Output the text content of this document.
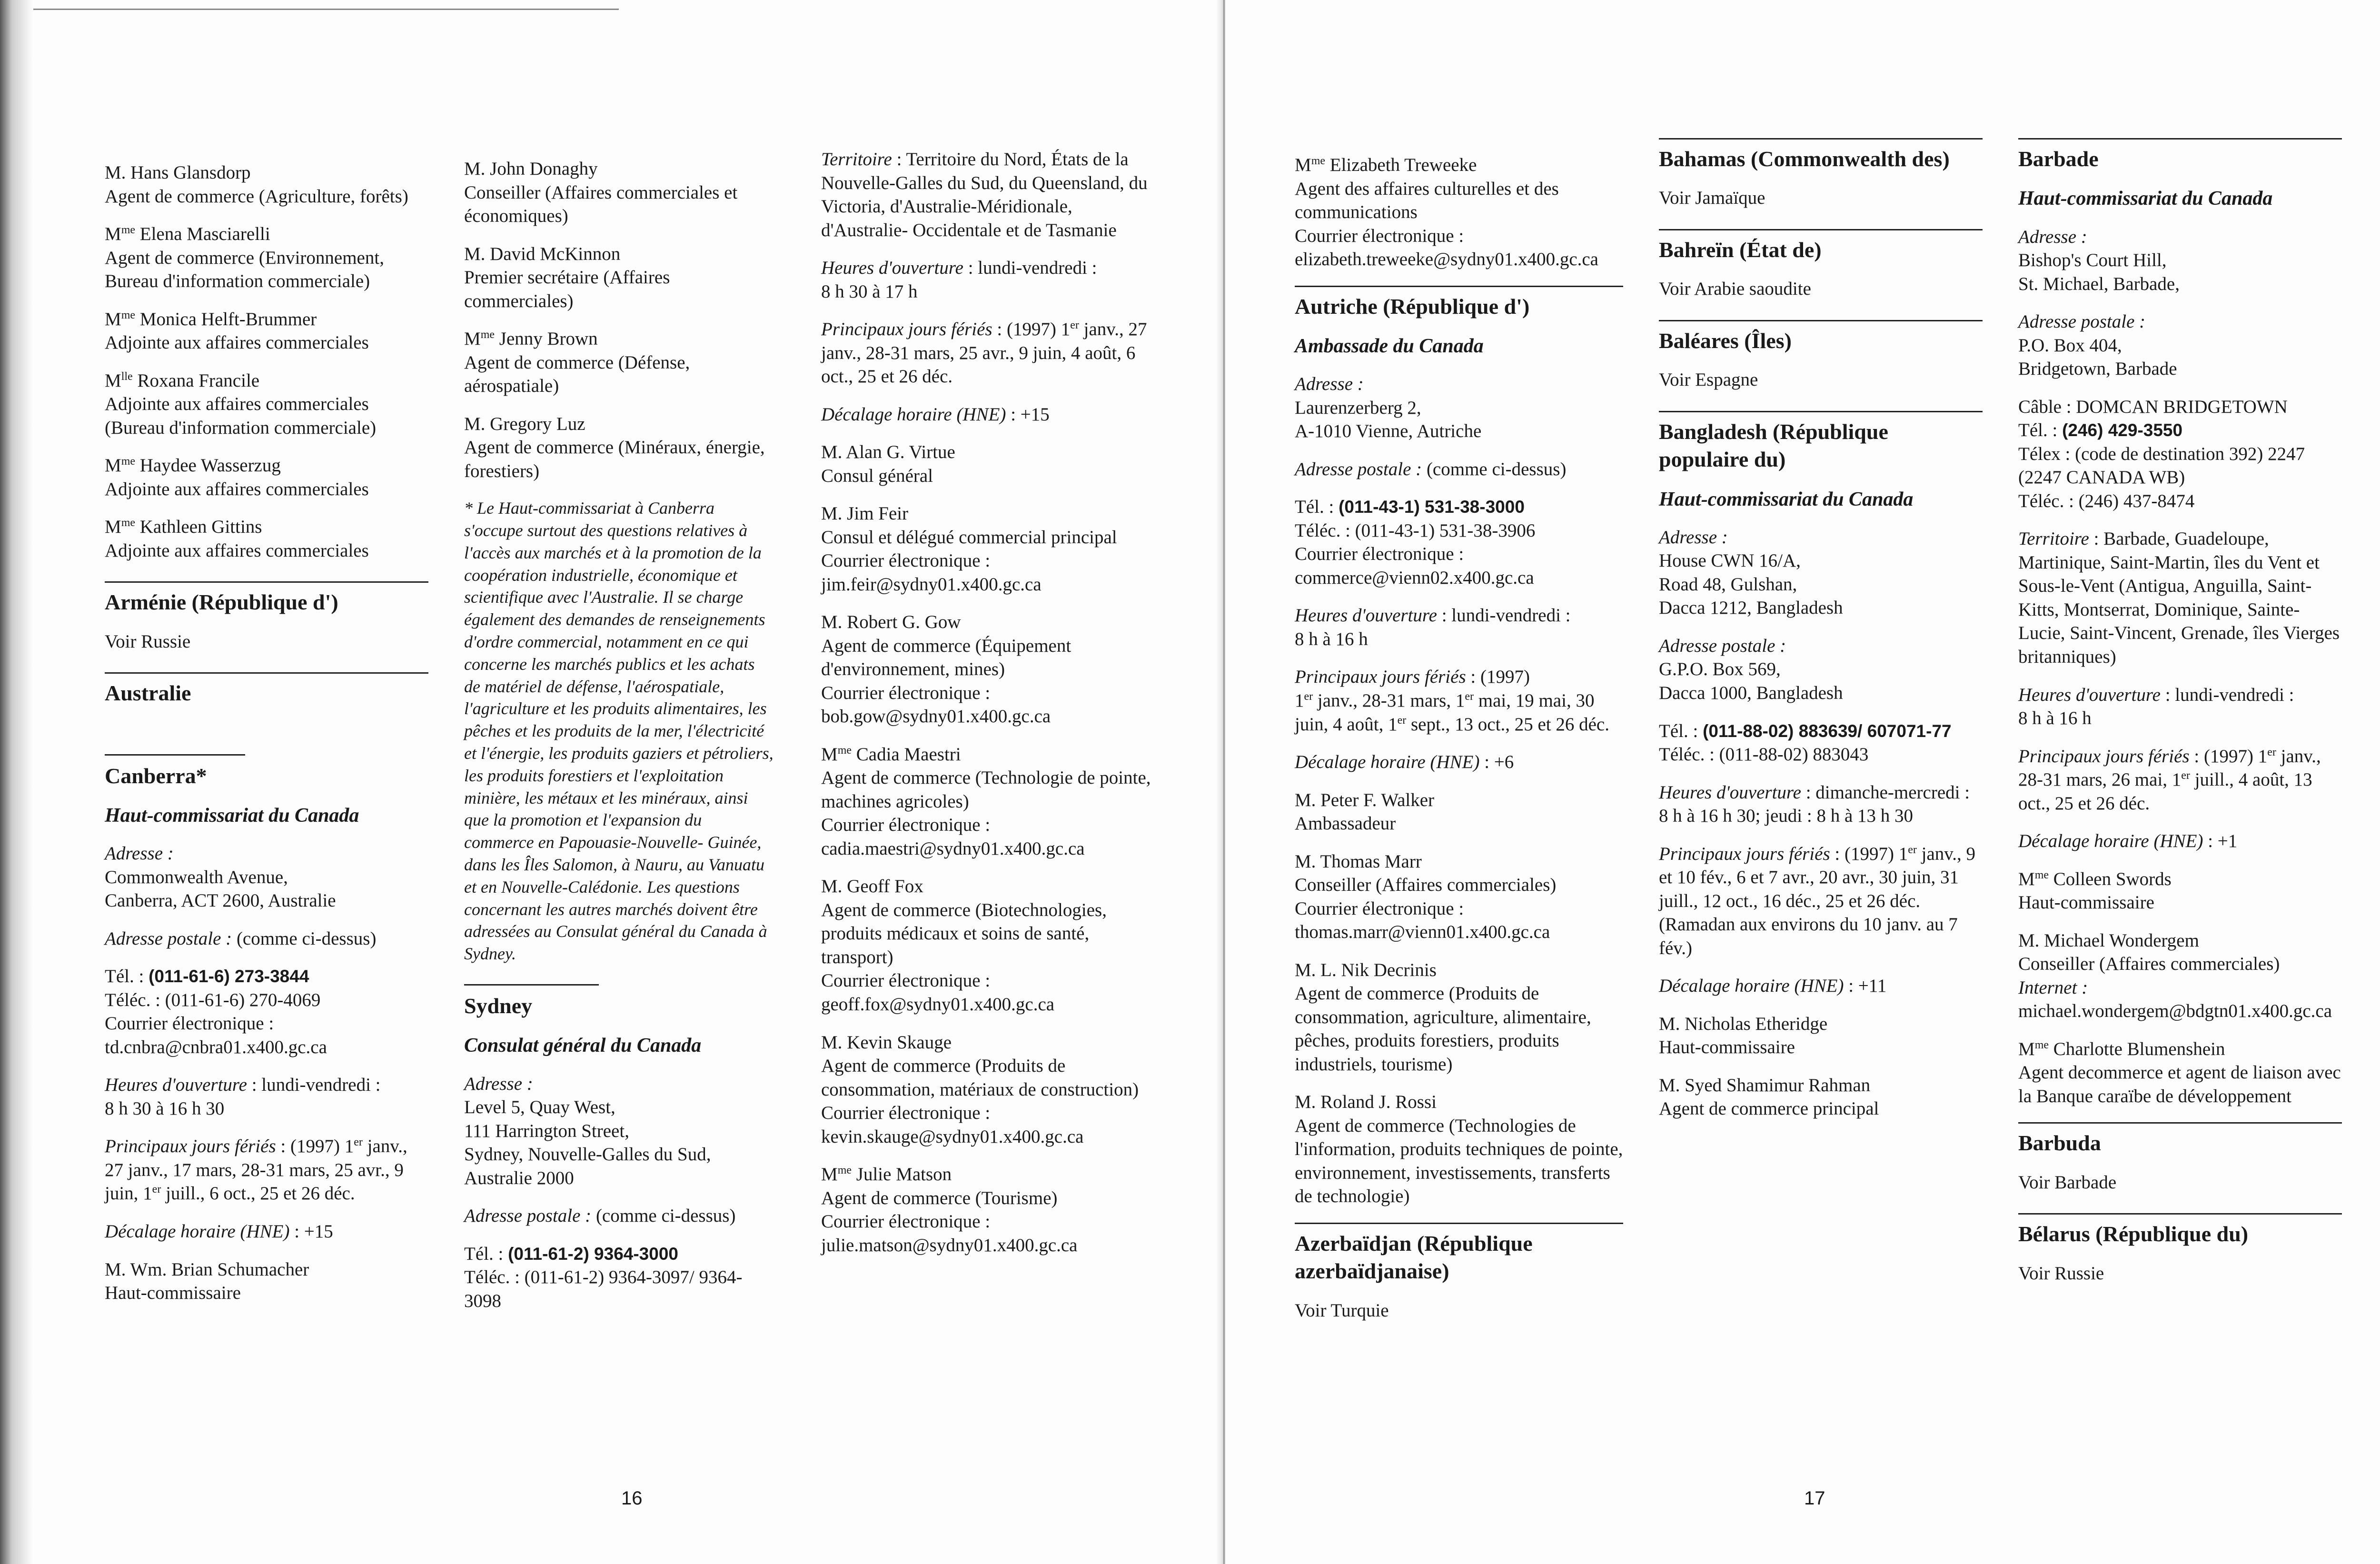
M. Hans Glansdorp
Agent de commerce (Agriculture, forêts)
$M^{me}$ Elena Masciarelli
Agent de commerce (Environnement, Bureau d'information commerciale)
$M^{me}$ Monica Helft-Brummer
Adjointe aux affaires commerciales
$M^{lle}$ Roxana Francile
Adjointe aux affaires commerciales (Bureau d'information commerciale)
$M^{me}$ Haydee Wasserzug
Adjointe aux affaires commerciales
$M^{me}$ Kathleen Gittins
Adjointe aux affaires commerciales
Arménie (République d')
Voir Russie
Australie
Canberra*
Haut-commissariat du Canada
Adresse :
Commonwealth Avenue,
Canberra, ACT 2600, Australie
Adresse postale : (comme ci-dessus)
Tél. : (011-61-6) 273-3844
Téléc. : (011-61-6) 270-4069
Courrier électronique :
td.cnbra@cnbra01.x400.gc.ca
Heures d'ouverture : lundi-vendredi :
8 h 30 à 16 h 30
Principaux jours fériés : (1997) 1er janv., 27 janv., 17 mars, 28-31 mars, 25 avr., 9 juin, 1er juill., 6 oct., 25 et 26 déc.
Décalage horaire (HNE) : +15
M. Wm. Brian Schumacher
Haut-commissaire
M. John Donaghy
Conseiller (Affaires commerciales et économiques)
M. David McKinnon
Premier secrétaire (Affaires commerciales)
$M^{me}$ Jenny Brown
Agent de commerce (Défense, aérospatiale)
M. Gregory Luz
Agent de commerce (Minéraux, énergie, forestiers)
* Le Haut-commissariat à Canberra s'occupe surtout des questions relatives à l'accès aux marchés et à la promotion de la coopération industrielle, économique et scientifique avec l'Australie. Il se charge également des demandes de renseignements d'ordre commercial, notamment en ce qui concerne les marchés publics et les achats de matériel de défense, l'aérospatiale, l'agriculture et les produits alimentaires, les pêches et les produits de la mer, l'électricité et l'énergie, les produits gaziers et pétroliers, les produits forestiers et l'exploitation minière, les métaux et les minéraux, ainsi que la promotion et l'expansion du commerce en Papouasie-Nouvelle- Guinée, dans les Îles Salomon, à Nauru, au Vanuatu et en Nouvelle-Calédonie. Les questions concernant les autres marchés doivent être adressées au Consulat général du Canada à Sydney.
Sydney
Consulat général du Canada
Adresse :
Level 5, Quay West,
111 Harrington Street,
Sydney, Nouvelle-Galles du Sud,
Australie 2000
Adresse postale : (comme ci-dessus)
Tél. : (011-61-2) 9364-3000
Téléc. : (011-61-2) 9364-3097/ 9364-3098
Territoire : Territoire du Nord, États de la Nouvelle-Galles du Sud, du Queensland, du Victoria, d'Australie-Méridionale, d'Australie- Occidentale et de Tasmanie
Heures d'ouverture : lundi-vendredi :
8 h 30 à 17 h
Principaux jours fériés : (1997) 1er janv., 27 janv., 28-31 mars, 25 avr., 9 juin, 4 août, 6 oct., 25 et 26 déc.
Décalage horaire (HNE) : +15
M. Alan G. Virtue
Consul général
M. Jim Feir
Consul et délégué commercial principal
Courrier électronique :
jim.feir@sydny01.x400.gc.ca
M. Robert G. Gow
Agent de commerce (Équipement d'environnement, mines)
Courrier électronique :
bob.gow@sydny01.x400.gc.ca
$M^{me}$ Cadia Maestri
Agent de commerce (Technologie de pointe, machines agricoles)
Courrier électronique :
cadia.maestri@sydny01.x400.gc.ca
M. Geoff Fox
Agent de commerce (Biotechnologies, produits médicaux et soins de santé, transport)
Courrier électronique :
geoff.fox@sydny01.x400.gc.ca
M. Kevin Skauge
Agent de commerce (Produits de consommation, matériaux de construction)
Courrier électronique :
kevin.skauge@sydny01.x400.gc.ca
$M^{me}$ Julie Matson
Agent de commerce (Tourisme)
Courrier électronique :
julie.matson@sydny01.x400.gc.ca
16
$M^{me}$ Elizabeth Treweeke
Agent des affaires culturelles et des communications
Courrier électronique :
elizabeth.treweeke@sydny01.x400.gc.ca
Autriche (République d')
Ambassade du Canada
Adresse :
Laurenzerberg 2,
A-1010 Vienne, Autriche
Adresse postale : (comme ci-dessus)
Tél. : (011-43-1) 531-38-3000
Téléc. : (011-43-1) 531-38-3906
Courrier électronique :
commerce@vienn02.x400.gc.ca
Heures d'ouverture : lundi-vendredi :
8 h à 16 h
Principaux jours fériés : (1997)
1er janv., 28-31 mars, 1er mai, 19 mai, 30 juin, 4 août, 1er sept., 13 oct., 25 et 26 déc.
Décalage horaire (HNE) : +6
M. Peter F. Walker
Ambassadeur
M. Thomas Marr
Conseiller (Affaires commerciales)
Courrier électronique :
thomas.marr@vienn01.x400.gc.ca
M. L. Nik Decrinis
Agent de commerce (Produits de consommation, agriculture, alimentaire, pêches, produits forestiers, produits industriels, tourisme)
M. Roland J. Rossi
Agent de commerce (Technologies de l'information, produits techniques de pointe, environnement, investissements, transferts de technologie)
Azerbaïdjan (République azerbaïdjanaise)
Voir Turquie
Bahamas (Commonwealth des)
Voir Jamaïque
Bahreïn (État de)
Voir Arabie saoudite
Baléares (Îles)
Voir Espagne
Bangladesh (République populaire du)
Haut-commissariat du Canada
Adresse :
House CWN 16/A,
Road 48, Gulshan,
Dacca 1212, Bangladesh
Adresse postale :
G.P.O. Box 569,
Dacca 1000, Bangladesh
Tél. : (011-88-02) 883639/ 607071-77
Téléc. : (011-88-02) 883043
Heures d'ouverture : dimanche-mercredi : 8 h à 16 h 30; jeudi : 8 h à 13 h 30
Principaux jours fériés : (1997) 1er janv., 9 et 10 fév., 6 et 7 avr., 20 avr., 30 juin, 31 juill., 12 oct., 16 déc., 25 et 26 déc. (Ramadan aux environs du 10 janv. au 7 fév.)
Décalage horaire (HNE) : +11
M. Nicholas Etheridge
Haut-commissaire
M. Syed Shamimur Rahman
Agent de commerce principal
Barbade
Haut-commissariat du Canada
Adresse :
Bishop's Court Hill,
St. Michael, Barbade,
Adresse postale :
P.O. Box 404,
Bridgetown, Barbade
Câble : DOMCAN BRIDGETOWN
Tél. : (246) 429-3550
Télex : (code de destination 392) 2247 (2247 CANADA WB)
Téléc. : (246) 437-8474
Territoire : Barbade, Guadeloupe, Martinique, Saint-Martin, îles du Vent et Sous-le-Vent (Antigua, Anguilla, Saint-Kitts, Montserrat, Dominique, Sainte-Lucie, Saint-Vincent, Grenade, îles Vierges britanniques)
Heures d'ouverture : lundi-vendredi :
8 h à 16 h
Principaux jours fériés : (1997) 1er janv., 28-31 mars, 26 mai, 1er juill., 4 août, 13 oct., 25 et 26 déc.
Décalage horaire (HNE) : +1
$M^{me}$ Colleen Swords
Haut-commissaire
M. Michael Wondergem
Conseiller (Affaires commerciales)
Internet :
michael.wondergem@bdgtn01.x400.gc.ca
$M^{me}$ Charlotte Blumenshein
Agent decommerce et agent de liaison avec la Banque caraïbe de développement
Barbuda
Voir Barbade
Bélarus (République du)
Voir Russie
17
